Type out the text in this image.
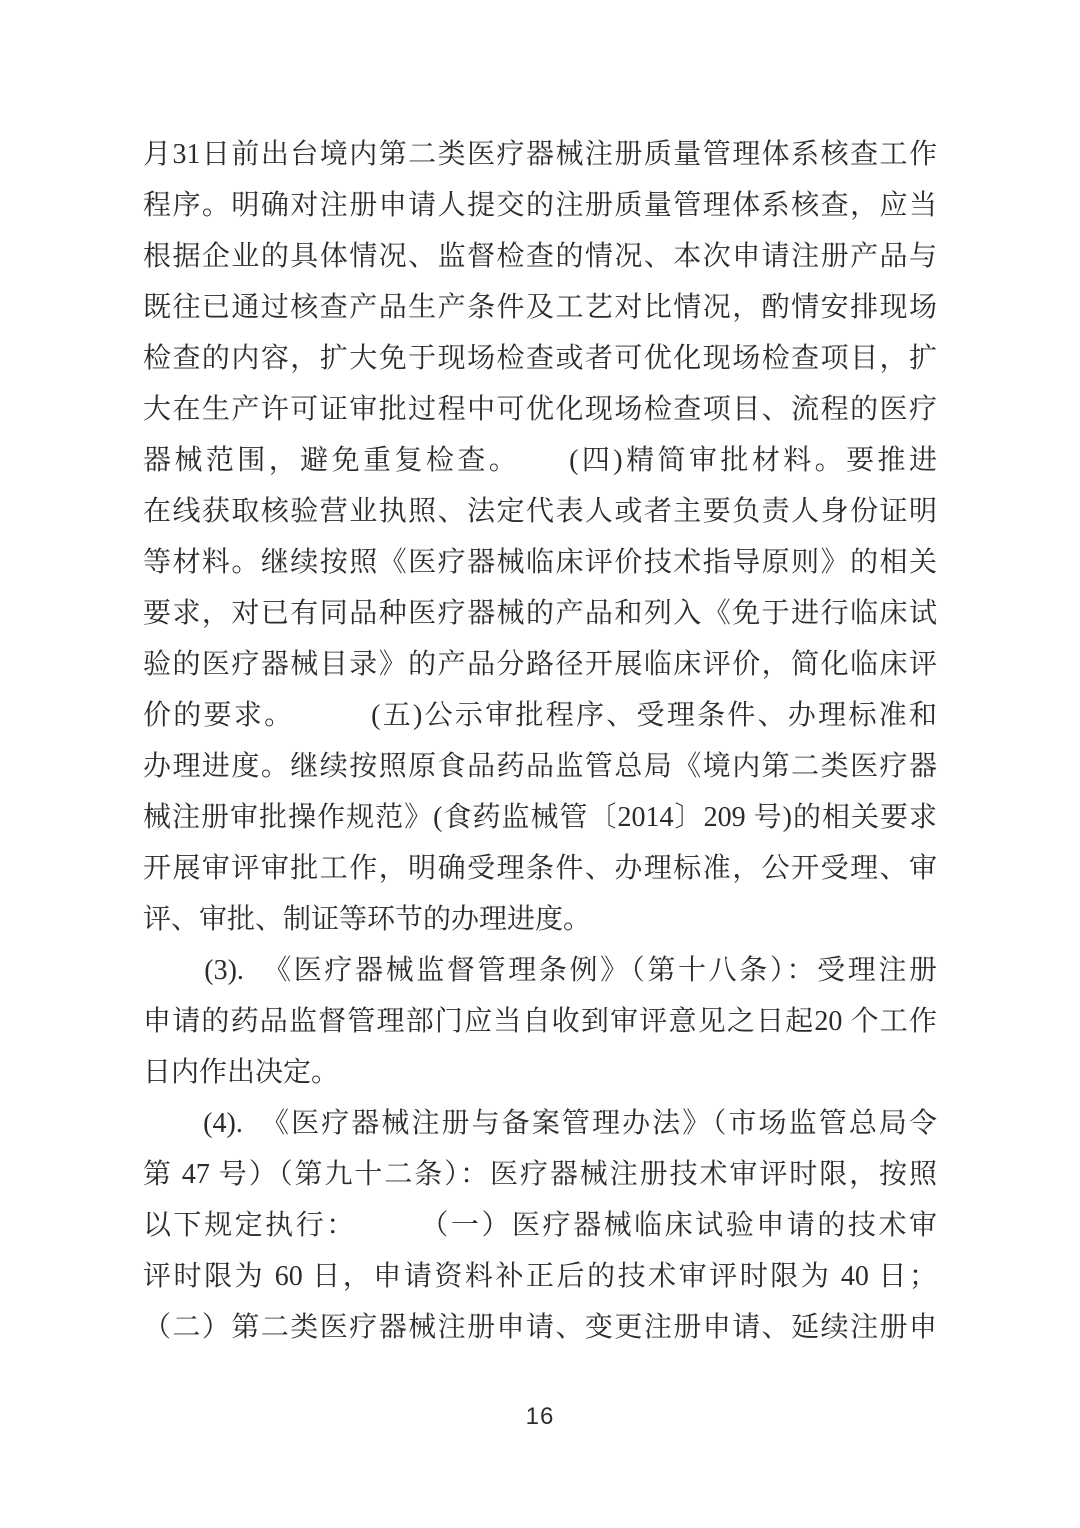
月31日前出台境内第二类医疗器械注册质量管理体系核查工作
程序。明确对注册申请人提交的注册质量管理体系核查，应当
根据企业的具体情况、监督检查的情况、本次申请注册产品与
既往已通过核查产品生产条件及工艺对比情况，酌情安排现场
检查的内容，扩大免于现场检查或者可优化现场检查项目，扩
大在生产许可证审批过程中可优化现场检查项目、流程的医疗
器械范围，避免重复检查。　　(四)精简审批材料。要推进
在线获取核验营业执照、法定代表人或者主要负责人身份证明
等材料。继续按照《医疗器械临床评价技术指导原则》的相关
要求，对已有同品种医疗器械的产品和列入《免于进行临床试
验的医疗器械目录》的产品分路径开展临床评价，简化临床评
价的要求。　　　(五)公示审批程序、受理条件、办理标准和
办理进度。继续按照原食品药品监管总局《境内第二类医疗器
械注册审批操作规范》(食药监械管〔2014〕209 号)的相关要求
开展审评审批工作，明确受理条件、办理标准，公开受理、审
评、审批、制证等环节的办理进度。
　　(3).　《医疗器械监督管理条例》（第十八条）：受理注册
申请的药品监督管理部门应当自收到审评意见之日起20 个工作
日内作出决定。
　　(4).　《医疗器械注册与备案管理办法》（市场监管总局令
第 47 号）（第九十二条）：医疗器械注册技术审评时限，按照
以下规定执行：　　　（一）医疗器械临床试验申请的技术审
评时限为 60 日，申请资料补正后的技术审评时限为 40 日；
（二）第二类医疗器械注册申请、变更注册申请、延续注册申
16
